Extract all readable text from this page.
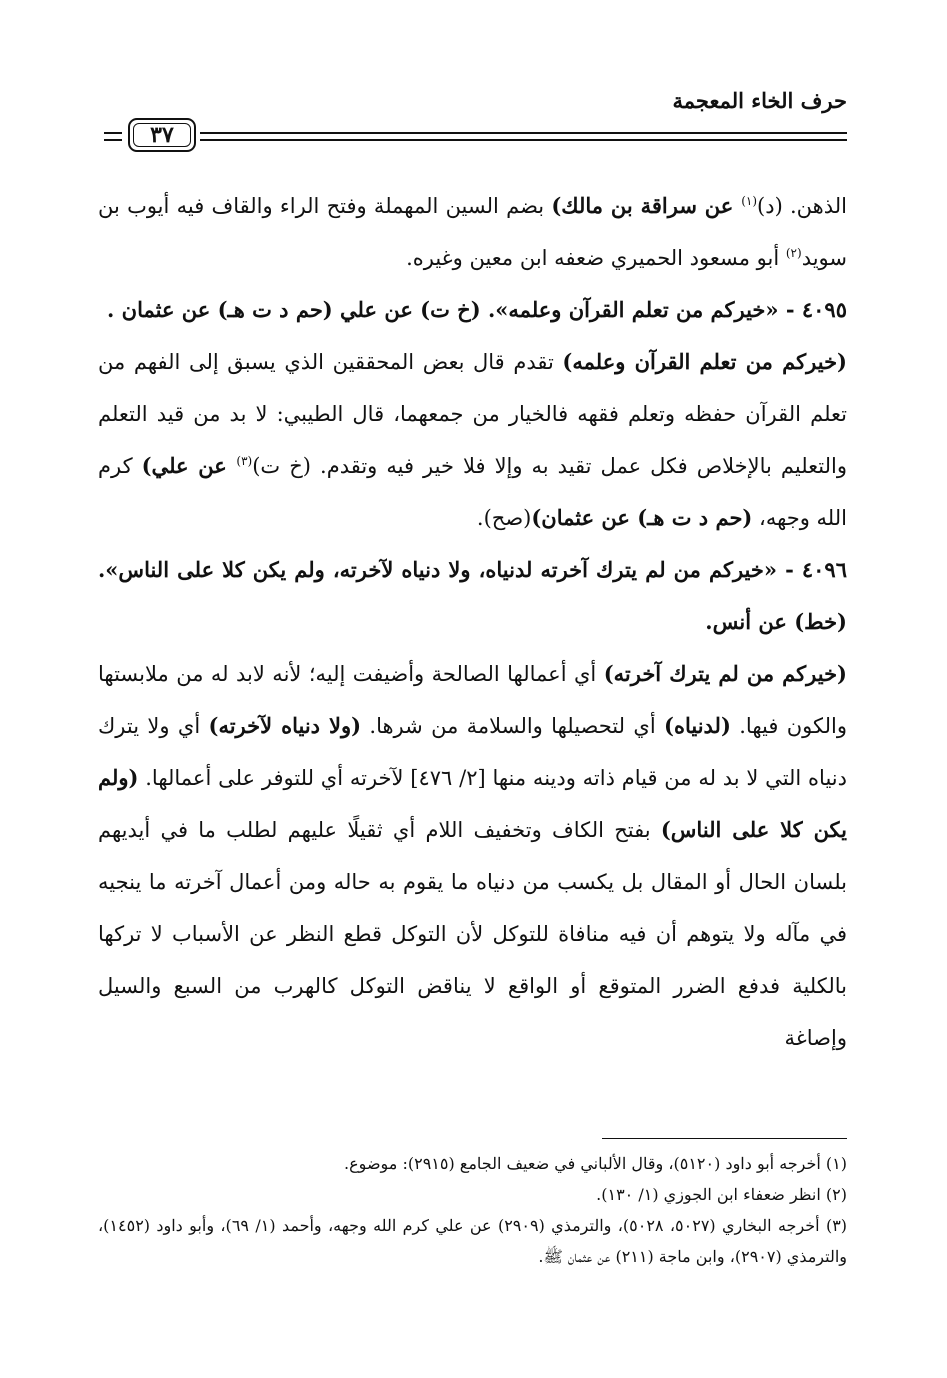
حرف الخاء المعجمة
٣٧

الذهن. (د)$^{(١)}$ عن سراقة بن مالك) بضم السين المهملة وفتح الراء والقاف فيه أيوب بن سويد$^{(٢)}$ أبو مسعود الحميري ضعفه ابن معين وغيره.

٤٠٩٥ - «خيركم من تعلم القرآن وعلمه». (خ ت) عن علي (حم د ت هـ) عن عثمان .

(خيركم من تعلم القرآن وعلمه) تقدم قال بعض المحققين الذي يسبق إلى الفهم من تعلم القرآن حفظه وتعلم فقهه فالخيار من جمعهما، قال الطيبي: لا بد من قيد التعلم والتعليم بالإخلاص فكل عمل تقيد به وإلا فلا خير فيه وتقدم. (خ ت)$^{(٣)}$ عن علي) كرم الله وجهه، (حم د ت هـ) عن عثمان)(صح).

٤٠٩٦ - «خيركم من لم يترك آخرته لدنياه، ولا دنياه لآخرته، ولم يكن كلا على الناس». (خط) عن أنس.

(خيركم من لم يترك آخرته) أي أعمالها الصالحة وأضيفت إليه؛ لأنه لابد له من ملابستها والكون فيها. (لدنياه) أي لتحصيلها والسلامة من شرها. (ولا دنياه لآخرته) أي ولا يترك دنياه التي لا بد له من قيام ذاته ودينه منها [٢/ ٤٧٦] لآخرته أي للتوفر على أعمالها. (ولم يكن كلا على الناس) بفتح الكاف وتخفيف اللام أي ثقيلًا عليهم لطلب ما في أيديهم بلسان الحال أو المقال بل يكسب من دنياه ما يقوم به حاله ومن أعمال آخرته ما ينجيه في مآله ولا يتوهم أن فيه منافاة للتوكل لأن التوكل قطع النظر عن الأسباب لا تركها بالكلية فدفع الضرر المتوقع أو الواقع لا يناقض التوكل كالهرب من السبع والسيل وإصاغة

(١) أخرجه أبو داود (٥١٢٠)، وقال الألباني في ضعيف الجامع (٢٩١٥): موضوع.

(٢) انظر ضعفاء ابن الجوزي (١/ ١٣٠).

(٣) أخرجه البخاري (٥٠٢٧، ٥٠٢٨)، والترمذي (٢٩٠٩) عن علي كرم الله وجهه، وأحمد (١/ ٦٩)، وأبو داود (١٤٥٢)، والترمذي (٢٩٠٧)، وابن ماجة (٢١١) عن عثمان ﷺ.
